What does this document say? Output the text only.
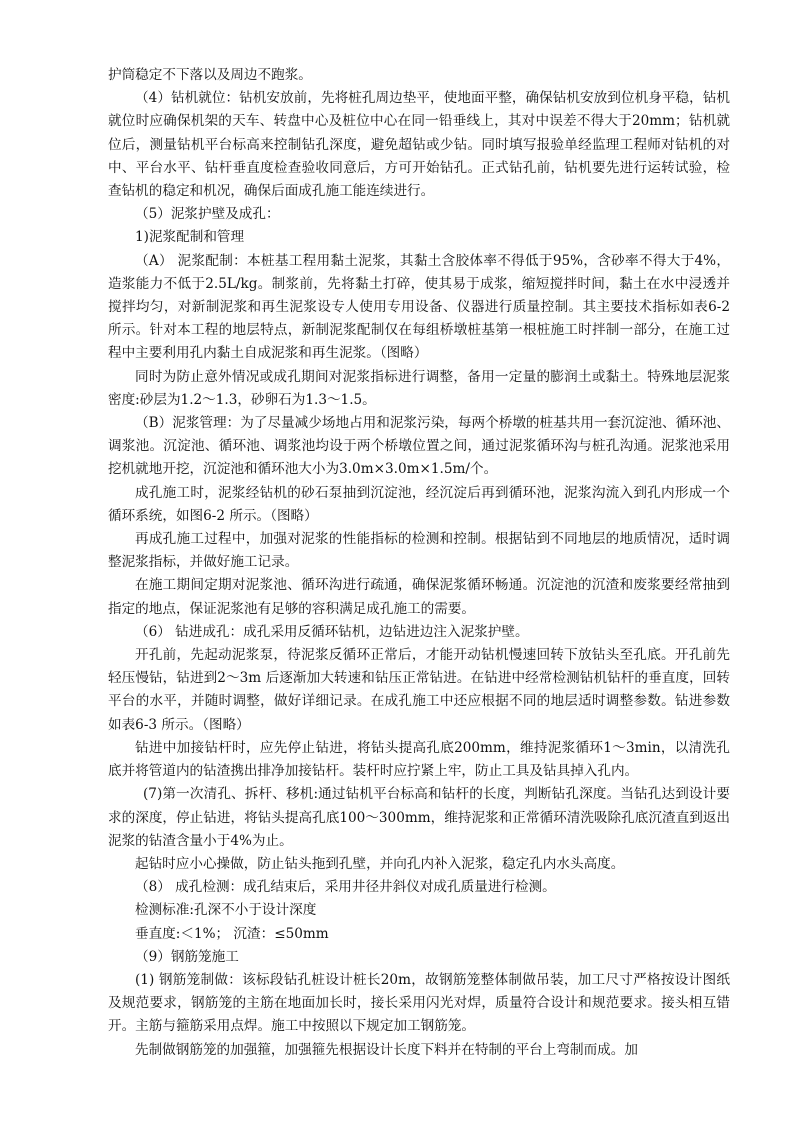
护筒稳定不下落以及周边不跑浆。

（4）钻机就位：钻机安放前，先将桩孔周边垫平，使地面平整，确保钻机安放到位机身平稳，钻机就位时应确保机架的天车、转盘中心及桩位中心在同一铅垂线上，其对中误差不得大于20mm；钻机就位后，测量钻机平台标高来控制钻孔深度，避免超钻或少钻。同时填写报验单经监理工程师对钻机的对中、平台水平、钻杆垂直度检查验收同意后，方可开始钻孔。正式钻孔前，钻机要先进行运转试验，检查钻机的稳定和机况，确保后面成孔施工能连续进行。

（5）泥浆护壁及成孔：

1)泥浆配制和管理

（A） 泥浆配制：本桩基工程用黏土泥浆，其黏土含胶体率不得低于95%，含砂率不得大于4%，造浆能力不低于2.5L/kg。制浆前，先将黏土打碎，使其易于成浆，缩短搅拌时间，黏土在水中浸透并搅拌均匀，对新制泥浆和再生泥浆设专人使用专用设备、仪器进行质量控制。其主要技术指标如表6-2 所示。针对本工程的地层特点，新制泥浆配制仅在每组桥墩桩基第一根桩施工时拌制一部分，在施工过程中主要利用孔内黏土自成泥浆和再生泥浆。（图略）

同时为防止意外情况或成孔期间对泥浆指标进行调整，备用一定量的膨润土或黏土。特殊地层泥浆密度:砂层为1.2～1.3，砂卵石为1.3～1.5。

（B）泥浆管理：为了尽量减少场地占用和泥浆污染，每两个桥墩的桩基共用一套沉淀池、循环池、调浆池。沉淀池、循环池、调浆池均设于两个桥墩位置之间，通过泥浆循环沟与桩孔沟通。泥浆池采用挖机就地开挖，沉淀池和循环池大小为3.0m×3.0m×1.5m/个。

成孔施工时，泥浆经钻机的砂石泵抽到沉淀池，经沉淀后再到循环池，泥浆沟流入到孔内形成一个循环系统，如图6-2 所示。（图略）

再成孔施工过程中，加强对泥浆的性能指标的检测和控制。根据钻到不同地层的地质情况，适时调整泥浆指标，并做好施工记录。

在施工期间定期对泥浆池、循环沟进行疏通，确保泥浆循环畅通。沉淀池的沉渣和废浆要经常抽到指定的地点，保证泥浆池有足够的容积满足成孔施工的需要。

（6） 钻进成孔：成孔采用反循环钻机，边钻进边注入泥浆护壁。

开孔前，先起动泥浆泵，待泥浆反循环正常后，才能开动钻机慢速回转下放钻头至孔底。开孔前先轻压慢钻，钻进到2～3m 后逐渐加大转速和钻压正常钻进。在钻进中经常检测钻机钻杆的垂直度，回转平台的水平，并随时调整，做好详细记录。在成孔施工中还应根据不同的地层适时调整参数。钻进参数如表6-3 所示。（图略）

钻进中加接钻杆时，应先停止钻进，将钻头提高孔底200mm，维持泥浆循环1～3min，以清洗孔底并将管道内的钻渣携出排净加接钻杆。装杆时应拧紧上牢，防止工具及钻具掉入孔内。

(7)第一次清孔、拆杆、移机:通过钻机平台标高和钻杆的长度，判断钻孔深度。当钻孔达到设计要求的深度，停止钻进，将钻头提高孔底100～300mm，维持泥浆和正常循环清洗吸除孔底沉渣直到返出泥浆的钻渣含量小于4%为止。

起钻时应小心操做，防止钻头拖到孔壁，并向孔内补入泥浆，稳定孔内水头高度。

（8） 成孔检测：成孔结束后，采用井径井斜仪对成孔质量进行检测。

检测标准:孔深不小于设计深度

垂直度:＜1%； 沉渣：≤50mm

（9）钢筋笼施工

(1) 钢筋笼制做：该标段钻孔桩设计桩长20m，故钢筋笼整体制做吊装，加工尺寸严格按设计图纸及规范要求，钢筋笼的主筋在地面加长时，接长采用闪光对焊，质量符合设计和规范要求。接头相互错开。主筋与箍筋采用点焊。施工中按照以下规定加工钢筋笼。

先制做钢筋笼的加强箍，加强箍先根据设计长度下料并在特制的平台上弯制而成。加
